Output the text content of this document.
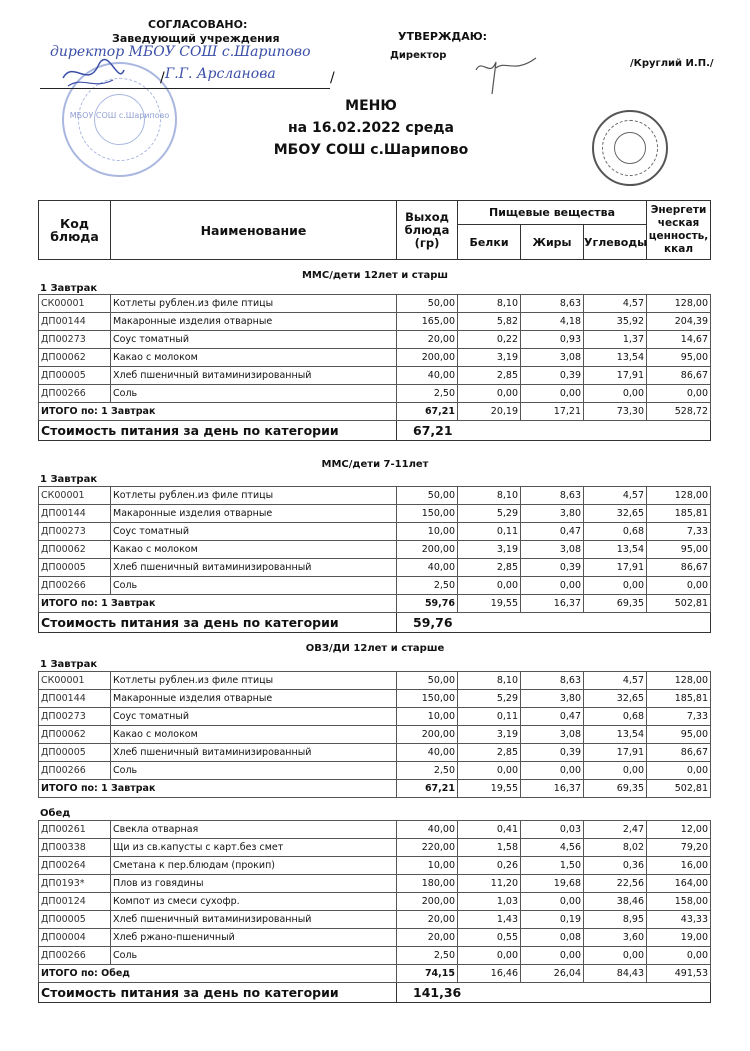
МБОУ СОШ с.Шарипово
СОГЛАСОВАНО:
Заведующий учреждения
директор МБОУ СОШ с.Шарипово
/ Г.Г. Арсланова	/
УТВЕРЖДАЮ:
Директор
/Круглий И.П./
МЕНЮ
на 16.02.2022 среда
МБОУ СОШ с.Шарипово
Код блюда	Наименование	Выход блюда (гр)	Пищевые вещества			Энергети ческая ценность, ккал
			Белки	Жиры	Углеводы	
ММС/дети 12лет и старш
1 Завтрак
СК00001	Котлеты рублен.из филе птицы	50,00	8,10	8,63	4,57	128,00
ДП00144	Макаронные изделия отварные	165,00	5,82	4,18	35,92	204,39
ДП00273	Соус томатный	20,00	0,22	0,93	1,37	14,67
ДП00062	Какао с молоком	200,00	3,19	3,08	13,54	95,00
ДП00005	Хлеб пшеничный витаминизированный	40,00	2,85	0,39	17,91	86,67
ДП00266	Соль	2,50	0,00	0,00	0,00	0,00
ИТОГО по: 1 Завтрак		67,21	20,19	17,21	73,30	528,72
Стоимость питания за день по категории		67,21				
ММС/дети 7-11лет
1 Завтрак
СК00001	Котлеты рублен.из филе птицы	50,00	8,10	8,63	4,57	128,00
ДП00144	Макаронные изделия отварные	150,00	5,29	3,80	32,65	185,81
ДП00273	Соус томатный	10,00	0,11	0,47	0,68	7,33
ДП00062	Какао с молоком	200,00	3,19	3,08	13,54	95,00
ДП00005	Хлеб пшеничный витаминизированный	40,00	2,85	0,39	17,91	86,67
ДП00266	Соль	2,50	0,00	0,00	0,00	0,00
ИТОГО по: 1 Завтрак		59,76	19,55	16,37	69,35	502,81
Стоимость питания за день по категории		59,76				
ОВЗ/ДИ 12лет и старше
1 Завтрак
СК00001	Котлеты рублен.из филе птицы	50,00	8,10	8,63	4,57	128,00
ДП00144	Макаронные изделия отварные	150,00	5,29	3,80	32,65	185,81
ДП00273	Соус томатный	10,00	0,11	0,47	0,68	7,33
ДП00062	Какао с молоком	200,00	3,19	3,08	13,54	95,00
ДП00005	Хлеб пшеничный витаминизированный	40,00	2,85	0,39	17,91	86,67
ДП00266	Соль	2,50	0,00	0,00	0,00	0,00
ИТОГО по: 1 Завтрак		67,21	19,55	16,37	69,35	502,81
Обед
ДП00261	Свекла отварная	40,00	0,41	0,03	2,47	12,00
ДП00338	Щи из св.капусты с карт.без смет	220,00	1,58	4,56	8,02	79,20
ДП00264	Сметана к пер.блюдам (прокип)	10,00	0,26	1,50	0,36	16,00
ДП0193*	Плов из говядины	180,00	11,20	19,68	22,56	164,00
ДП00124	Компот из смеси сухофр.	200,00	1,03	0,00	38,46	158,00
ДП00005	Хлеб пшеничный витаминизированный	20,00	1,43	0,19	8,95	43,33
ДП00004	Хлеб ржано-пшеничный	20,00	0,55	0,08	3,60	19,00
ДП00266	Соль	2,50	0,00	0,00	0,00	0,00
ИТОГО по: Обед		74,15	16,46	26,04	84,43	491,53
Стоимость питания за день по категории		141,36				
